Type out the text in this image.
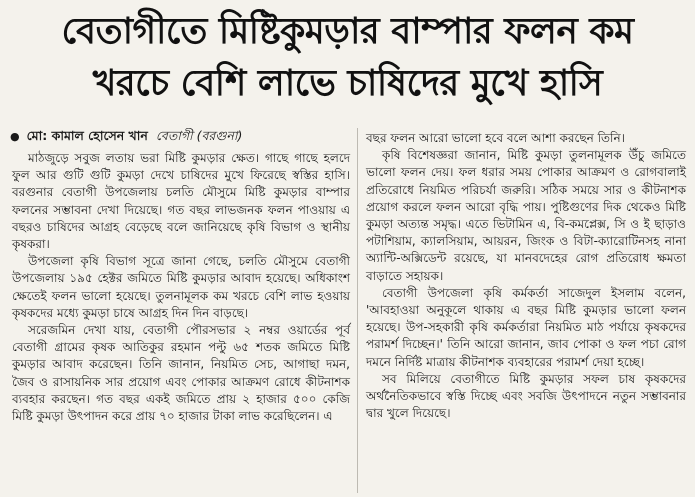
বেতাগীতে মিষ্টিকুমড়ার বাম্পার ফলন কম
খরচে বেশি লাভে চাষিদের মুখে হাসি
● মো: কামাল হোসেন খান বেতাগী (বরগুনা)

মাঠজুড়ে সবুজ লতায় ভরা মিষ্টি কুমড়ার ক্ষেত। গাছে গাছে হলদে ফুল আর গুটি গুটি কুমড়া দেখে চাষিদের মুখে ফিরেছে স্বস্তির হাসি। বরগুনার বেতাগী উপজেলায় চলতি মৌসুমে মিষ্টি কুমড়ার বাম্পার ফলনের সম্ভাবনা দেখা দিয়েছে। গত বছর লাভজনক ফলন পাওয়ায় এ বছরও চাষিদের আগ্রহ বেড়েছে বলে জানিয়েছে কৃষি বিভাগ ও স্থানীয় কৃষকরা।

উপজেলা কৃষি বিভাগ সূত্রে জানা গেছে, চলতি মৌসুমে বেতাগী উপজেলায় ১৯৫ হেক্টর জমিতে মিষ্টি কুমড়ার আবাদ হয়েছে। অধিকাংশ ক্ষেতেই ফলন ভালো হয়েছে। তুলনামূলক কম খরচে বেশি লাভ হওয়ায় কৃষকদের মধ্যে কুমড়া চাষে আগ্রহ দিন দিন বাড়ছে।

সরেজমিন দেখা যায়, বেতাগী পৌরসভার ২ নম্বর ওয়ার্ডের পূর্ব বেতাগী গ্রামের কৃষক আতিকুর রহমান পল্টু ৬৫ শতক জমিতে মিষ্টি কুমড়ার আবাদ করেছেন। তিনি জানান, নিয়মিত সেচ, আগাছা দমন, জৈব ও রাসায়নিক সার প্রয়োগ এবং পোকার আক্রমণ রোধে কীটনাশক ব্যবহার করছেন। গত বছর একই জমিতে প্রায় ২ হাজার ৫০০ কেজি মিষ্টি কুমড়া উৎপাদন করে প্রায় ৭০ হাজার টাকা লাভ করেছিলেন। এ

বছর ফলন আরো ভালো হবে বলে আশা করছেন তিনি।

কৃষি বিশেষজ্ঞরা জানান, মিষ্টি কুমড়া তুলনামূলক উঁচু জমিতে ভালো ফলন দেয়। ফল ধরার সময় পোকার আক্রমণ ও রোগবালাই প্রতিরোধে নিয়মিত পরিচর্যা জরুরি। সঠিক সময়ে সার ও কীটনাশক প্রয়োগ করলে ফলন আরো বৃদ্ধি পায়। পুষ্টিগুণের দিক থেকেও মিষ্টি কুমড়া অত্যন্ত সমৃদ্ধ। এতে ভিটামিন এ, বি-কমপ্লেক্স, সি ও ই ছাড়াও পটাশিয়াম, ক্যালসিয়াম, আয়রন, জিংক ও বিটা-ক্যারোটিনসহ নানা অ্যান্টি-অক্সিডেন্ট রয়েছে, যা মানবদেহের রোগ প্রতিরোধ ক্ষমতা বাড়াতে সহায়ক।

বেতাগী উপজেলা কৃষি কর্মকর্তা সাজেদুল ইসলাম বলেন, 'আবহাওয়া অনুকূলে থাকায় এ বছর মিষ্টি কুমড়ার ভালো ফলন হয়েছে। উপ-সহকারী কৃষি কর্মকর্তারা নিয়মিত মাঠ পর্যায়ে কৃষকদের পরামর্শ দিচ্ছেন।' তিনি আরো জানান, জাব পোকা ও ফল পচা রোগ দমনে নির্দিষ্ট মাত্রায় কীটনাশক ব্যবহারের পরামর্শ দেয়া হচ্ছে।

সব মিলিয়ে বেতাগীতে মিষ্টি কুমড়ার সফল চাষ কৃষকদের অর্থনৈতিকভাবে স্বস্তি দিচ্ছে এবং সবজি উৎপাদনে নতুন সম্ভাবনার দ্বার খুলে দিয়েছে।
